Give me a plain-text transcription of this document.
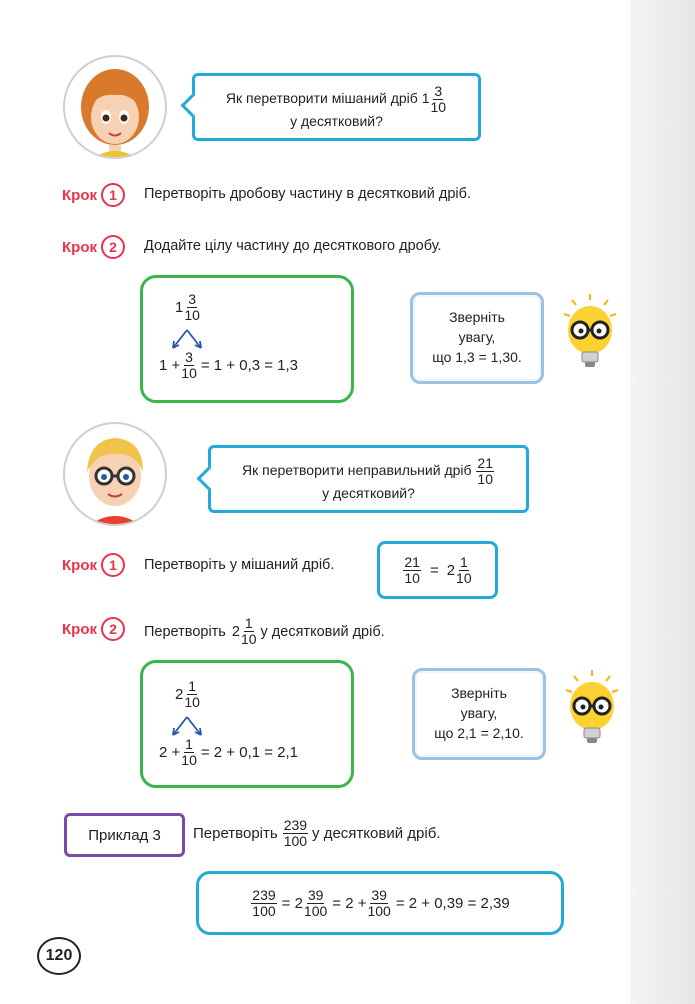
Як перетворити мішаний дріб $1 \frac{3}{10}$
у десятковий?
Крок 1	Перетворіть дробову частину в десятковий дріб.
Крок 2	Додайте цілу частину до десяткового дробу.
$1 \frac{3}{10}$
$1 + \frac{3}{10} = 1 + 0,3 = 1,3$
Зверніть
увагу,
що 1,3 = 1,30.
Як перетворити неправильний дріб $\frac{21}{10}$
у десятковий?
Крок 1	Перетворіть у мішаний дріб.	$\frac{21}{10} = 2 \frac{1}{10}$
Крок 2	Перетворіть $2 \frac{1}{10}$ у десятковий дріб.
$2 \frac{1}{10}$
$2 + \frac{1}{10} = 2 + 0,1 = 2,1$
Зверніть
увагу,
що 2,1 = 2,10.
Приклад 3	Перетворіть $\frac{239}{100}$ у десятковий дріб.
$\frac{239}{100} = 2 \frac{39}{100} = 2 + \frac{39}{100} = 2 + 0,39 = 2,39$
120
